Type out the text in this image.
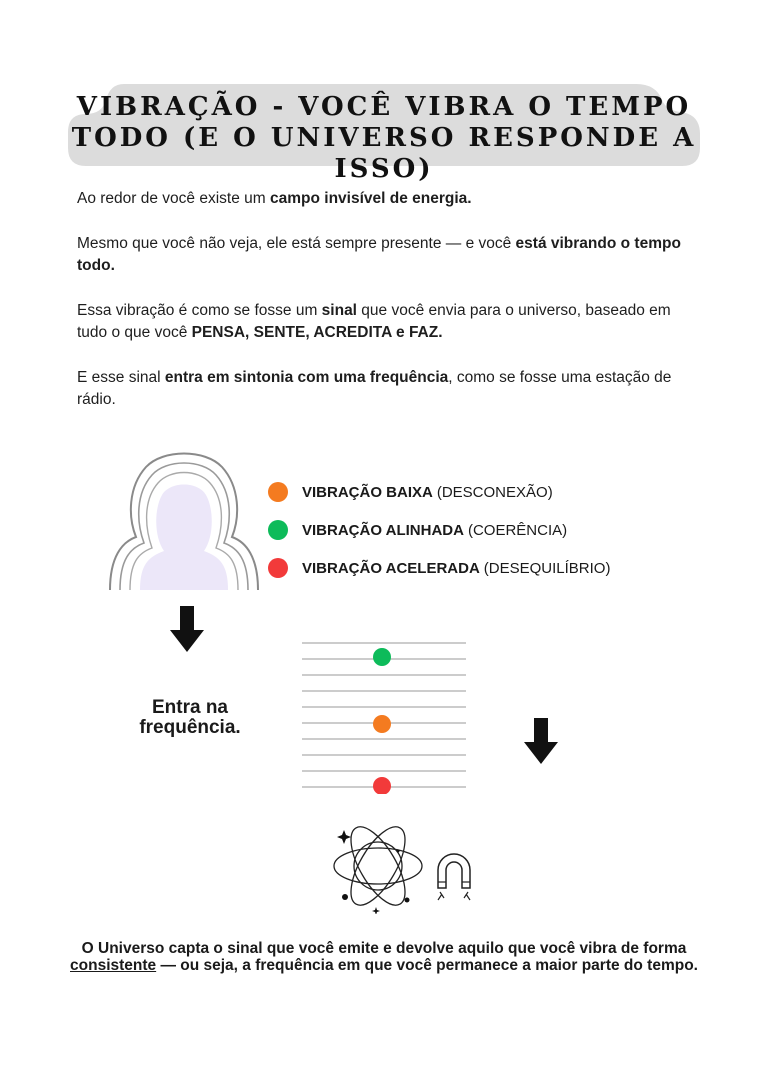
VIBRAÇÃO - VOCÊ VIBRA O TEMPO
TODO (E O UNIVERSO RESPONDE A ISSO)
Ao redor de você existe um campo invisível de energia.
Mesmo que você não veja, ele está sempre presente — e você está vibrando o tempo todo.
Essa vibração é como se fosse um sinal que você envia para o universo, baseado em tudo o que você PENSA, SENTE, ACREDITA e FAZ.
E esse sinal entra em sintonia com uma frequência, como se fosse uma estação de rádio.
VIBRAÇÃO BAIXA (DESCONEXÃO)
VIBRAÇÃO ALINHADA (COERÊNCIA)
VIBRAÇÃO ACELERADA (DESEQUILÍBRIO)
Entra na
frequência.
O Universo capta o sinal que você emite e devolve aquilo que você vibra de forma consistente — ou seja, a frequência em que você permanece a maior parte do tempo.
